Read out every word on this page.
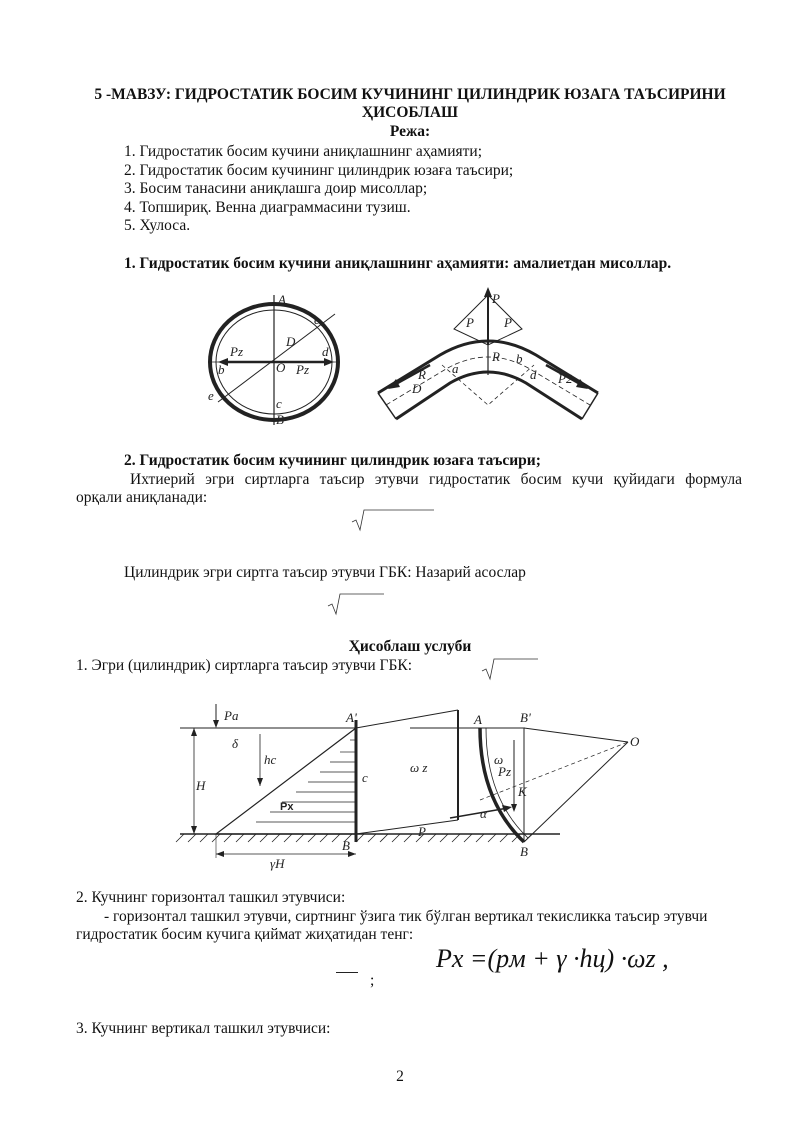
5 -МАВЗУ: ГИДРОСТАТИК БОСИМ КУЧИНИНГ ЦИЛИНДРИК ЮЗАГА ТАЪСИРИНИ
ҲИСОБЛАШ
Режа:
1. Гидростатик босим кучини аниқлашнинг аҳамияти;
2. Гидростатик босим кучининг цилиндрик юзаға таъсири;
3. Босим танасини аниқлашга доир мисоллар;
4. Топшириқ. Венна диаграммасини тузиш.
5. Хулоса.
1. Гидростатик босим кучини аниқлашнинг аҳамияти: амалиетдан мисоллар.
A
e
D
Pz	d
O Pz
b
c
B
e
P
P P
R
a
b
R
D
d P2
2. Гидростатик босим кучининг цилиндрик юзаға таъсири;
Ихтиерий эгри сиртларга таъсир этувчи гидростатик босим кучи қуйидаги формула
орқали аниқланади:
Цилиндрик эгри сиртга таъсир этувчи ГБК: Назарий асослар
Ҳисоблаш услуби
1. Эгри (цилиндрик) сиртларга таъсир этувчи ГБК:
Pa	A'	A	B'
O
δ
hc
ω z
H
Px
c
ω
Pz
K
B
P
α
B
γH
2. Кучнинг горизонтал ташкил этувчиси:
- горизонтал ташкил этувчи, сиртнинг ўзига тик бўлган вертикал текисликка таъсир этувчи
гидростатик босим кучига қиймат жиҳатидан тенг:
;
Px =(pм + γ ·hц) ·ωz ,
3. Кучнинг вертикал ташкил этувчиси:
2
